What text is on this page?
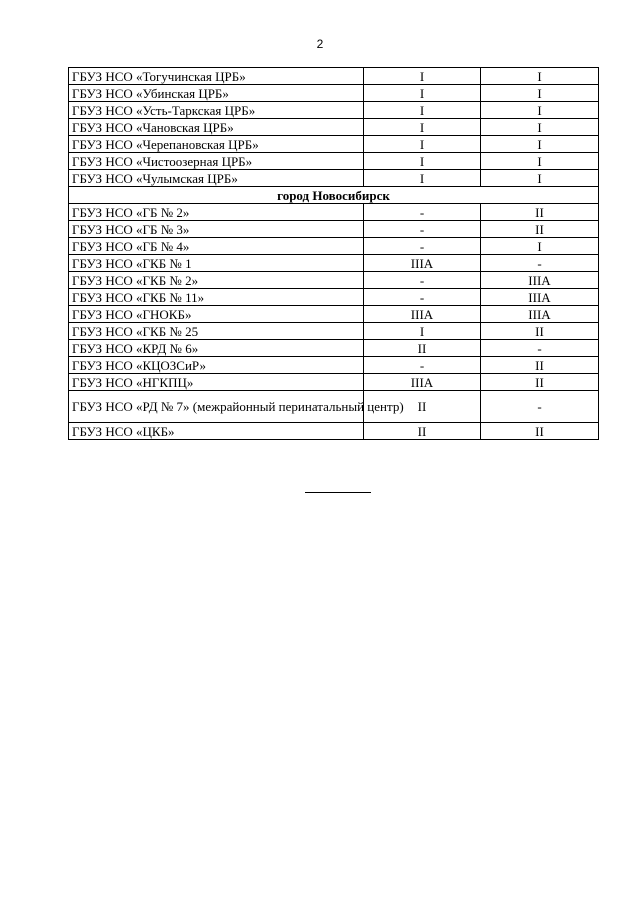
2
ГБУЗ НСО «Тогучинская ЦРБ»	I	I
ГБУЗ НСО «Убинская ЦРБ»	I	I
ГБУЗ НСО «Усть-Таркская ЦРБ»	I	I
ГБУЗ НСО «Чановская ЦРБ»	I	I
ГБУЗ НСО «Черепановская ЦРБ»	I	I
ГБУЗ НСО «Чистоозерная ЦРБ»	I	I
ГБУЗ НСО «Чулымская ЦРБ»	I	I
город Новосибирск		
ГБУЗ НСО «ГБ № 2»	-	II
ГБУЗ НСО «ГБ № 3»	-	II
ГБУЗ НСО «ГБ № 4»	-	I
ГБУЗ НСО «ГКБ № 1	IIIА	-
ГБУЗ НСО «ГКБ № 2»	-	IIIА
ГБУЗ НСО «ГКБ № 11»	-	IIIА
ГБУЗ НСО «ГНОКБ»	IIIА	IIIА
ГБУЗ НСО «ГКБ № 25	I	II
ГБУЗ НСО «КРД № 6»	II	-
ГБУЗ НСО «КЦОЗСиР»	-	II
ГБУЗ НСО «НГКПЦ»	IIIА	II
ГБУЗ НСО «РД № 7» (межрайонный перинатальный центр)	II	-
ГБУЗ НСО «ЦКБ»	II	II
